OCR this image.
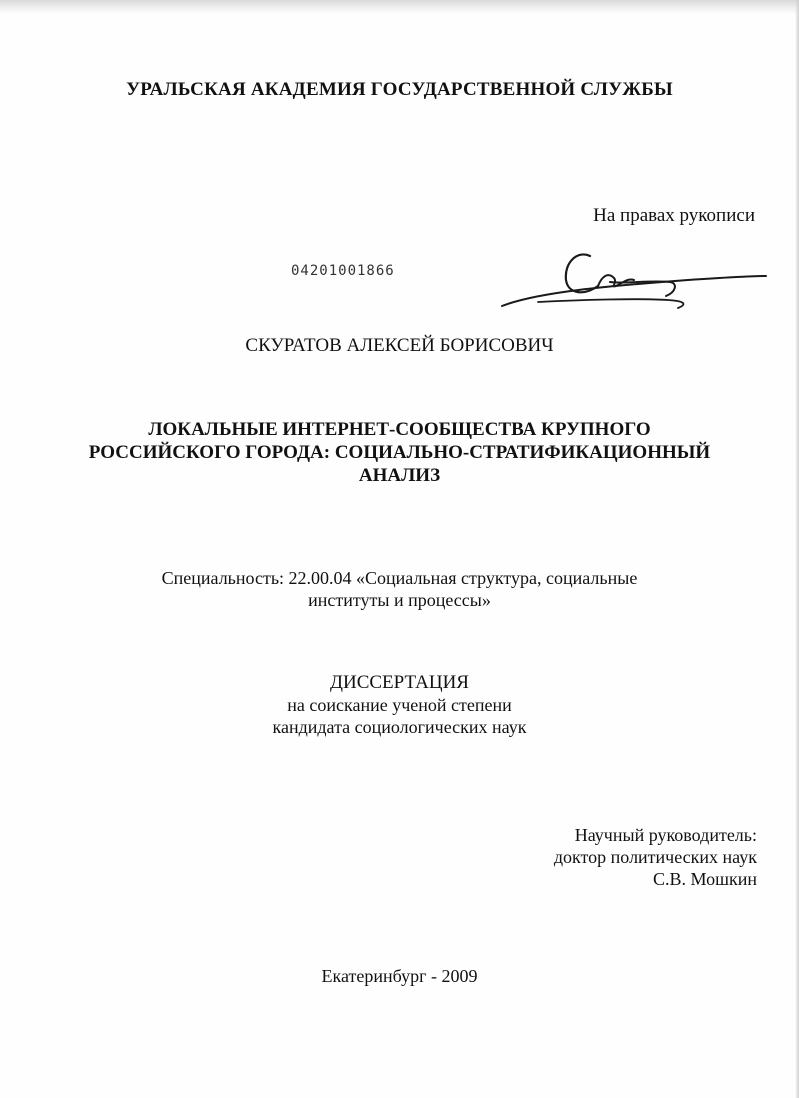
УРАЛЬСКАЯ АКАДЕМИЯ ГОСУДАРСТВЕННОЙ СЛУЖБЫ
На правах рукописи
04201001866
СКУРАТОВ АЛЕКСЕЙ БОРИСОВИЧ
ЛОКАЛЬНЫЕ ИНТЕРНЕТ-СООБЩЕСТВА КРУПНОГО
РОССИЙСКОГО ГОРОДА: СОЦИАЛЬНО-СТРАТИФИКАЦИОННЫЙ
АНАЛИЗ
Специальность: 22.00.04 «Социальная структура, социальные
институты и процессы»
ДИССЕРТАЦИЯ
на соискание ученой степени
кандидата социологических наук
Научный руководитель:
доктор политических наук
С.В. Мошкин
Екатеринбург - 2009
